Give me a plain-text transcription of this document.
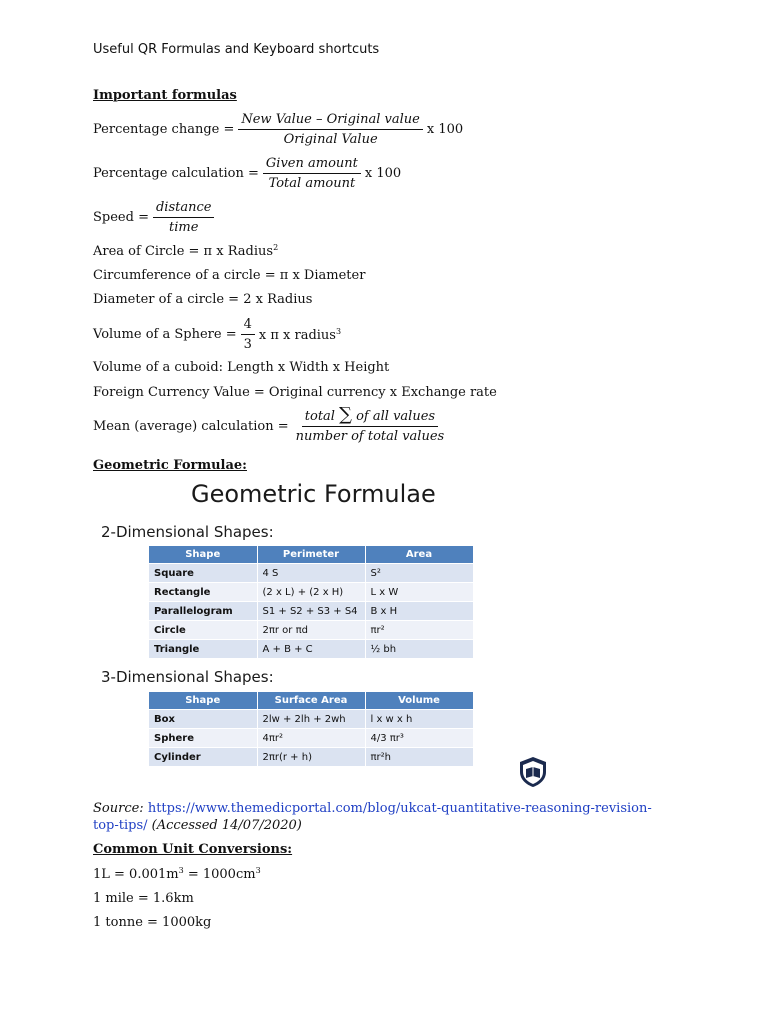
Useful QR Formulas and Keyboard shortcuts
Important formulas
Percentage change = $\frac{\text{New Value – Original value}}{\text{Original Value}}$ x 100
Percentage calculation = $\frac{\text{Given amount}}{\text{Total amount}}$ x 100
Speed = $\frac{\text{distance}}{\text{time}}$
Area of Circle = π x Radius$^2$
Circumference of a circle = π x Diameter
Diameter of a circle = 2 x Radius
Volume of a Sphere = $\frac{4}{3}$ x π x radius$^3$
Volume of a cuboid: Length x Width x Height
Foreign Currency Value = Original currency x Exchange rate
Mean (average) calculation = $\frac{\text{total ∑ of all values}}{\text{number of total values}}$
Geometric Formulae:
Geometric Formulae
2-Dimensional Shapes:
Shape	Perimeter	Area
Square	4 S	S²
Rectangle	(2 x L) + (2 x H)	L x W
Parallelogram	S1 + S2 + S3 + S4	B x H
Circle	2πr or πd	πr²
Triangle	A + B + C	½ bh
3-Dimensional Shapes:
Shape	Surface Area	Volume
Box	2lw + 2lh + 2wh	l x w x h
Sphere	4πr²	4/3 πr³
Cylinder	2πr(r + h)	πr²h
Source: https://www.themedicportal.com/blog/ukcat-quantitative-reasoning-revision-top-tips/ (Accessed 14/07/2020)
Common Unit Conversions:
$1L = 0.001m^3 = 1000cm^3$
1 mile = 1.6km
1 tonne = 1000kg
